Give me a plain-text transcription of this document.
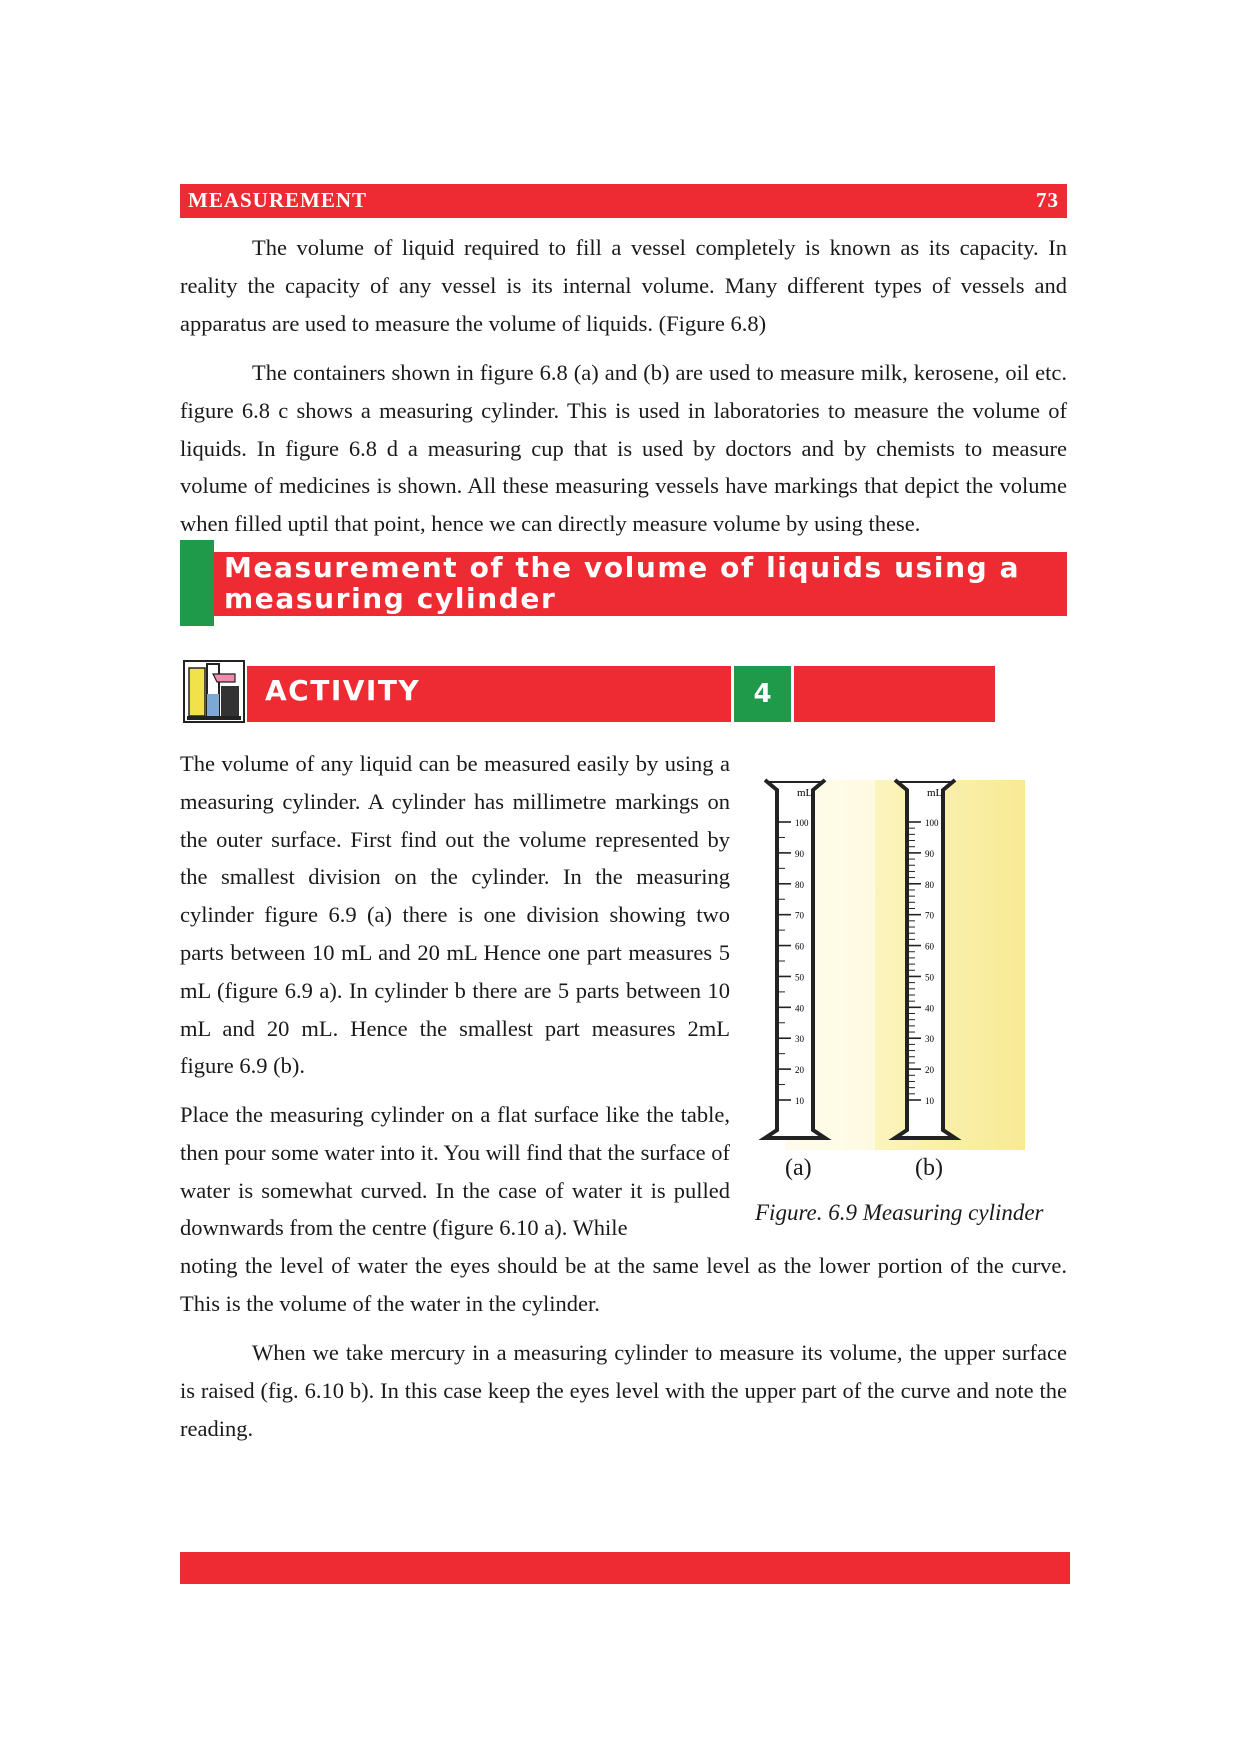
MEASUREMENT	73

The volume of liquid required to fill a vessel completely is known as its capacity. In reality the capacity of any vessel is its internal volume. Many different types of vessels and apparatus are used to measure the volume of liquids. (Figure 6.8)

The containers shown in figure 6.8 (a) and (b) are used to measure milk, kerosene, oil etc. figure 6.8 c shows a measuring cylinder. This is used in laboratories to measure the volume of liquids. In figure 6.8 d a measuring cup that is used by doctors and by chemists to measure volume of medicines is shown. All these measuring vessels have markings that depict the volume when filled uptil that point, hence we can directly measure volume by using these.

Measurement of the volume of liquids using a measuring cylinder
ACTIVITY	4

The volume of any liquid can be measured easily by using a measuring cylinder. A cylinder has millimetre markings on the outer surface. First find out the volume represented by the smallest division on the cylinder. In the measuring cylinder figure 6.9 (a) there is one division showing two parts between 10 mL and 20 mL Hence one part measures 5 mL (figure 6.9 a). In cylinder b there are 5 parts between 10 mL and 20 mL. Hence the smallest part measures 2mL figure 6.9 (b).

Place the measuring cylinder on a flat surface like the table, then pour some water into it. You will find that the surface of water is somewhat curved. In the case of water it is pulled downwards from the centre (figure 6.10 a). While

noting the level of water the eyes should be at the same level as the lower portion of the curve. This is the volume of the water in the cylinder.

When we take mercury in a measuring cylinder to measure its volume, the upper surface is raised (fig. 6.10 b). In this case keep the eyes level with the upper part of the curve and note the reading.

mL
100
90
80
70
60
50
40
30
20
10
mL
100
90
80
70
60
50
40
30
20
10
(a)	(b)
Figure. 6.9 Measuring cylinder
